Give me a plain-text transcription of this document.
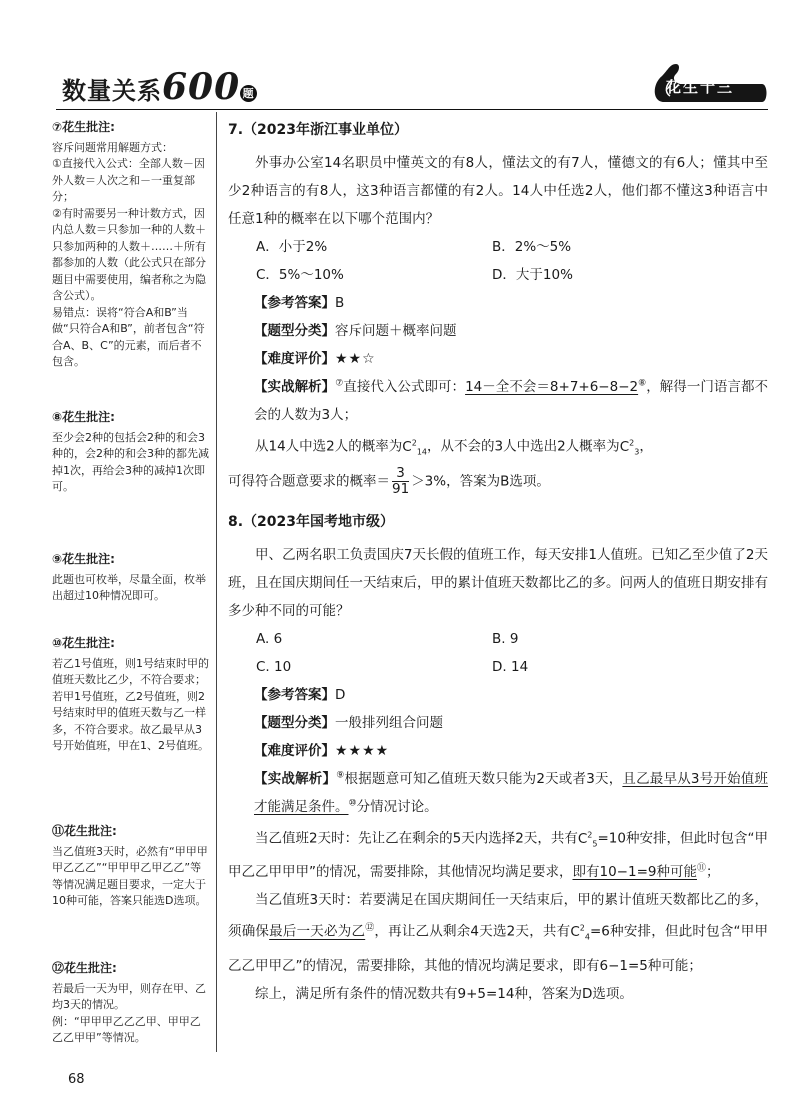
数量关系600 题	花生十三
⑦花生批注:

容斥问题常用解题方式：

①直接代入公式：全部人数－因外人数＝人次之和－一重复部分；

②有时需要另一种计数方式，因内总人数＝只参加一种的人数＋只参加两种的人数＋……＋所有都参加的人数（此公式只在部分题目中需要使用，编者称之为隐含公式）。

易错点：误将“符合A和B”当做“只符合A和B”，前者包含“符合A、B、C”的元素，而后者不包含。

⑧花生批注:

至少会2种的包括会2种的和会3种的，会2种的和会3种的都先减掉1次，再给会3种的减掉1次即可。

⑨花生批注:

此题也可枚举，尽量全面，枚举出超过10种情况即可。

⑩花生批注:

若乙1号值班，则1号结束时甲的值班天数比乙少，不符合要求；若甲1号值班，乙2号值班，则2号结束时甲的值班天数与乙一样多，不符合要求。故乙最早从3号开始值班，甲在1、2号值班。

⑪花生批注:

当乙值班3天时，必然有“甲甲甲甲乙乙乙”“甲甲甲乙甲乙乙”等等情况满足题目要求，一定大于10种可能，答案只能选D选项。

⑫花生批注:

若最后一天为甲，则存在甲、乙均3天的情况。

例：“甲甲甲乙乙乙甲、甲甲乙乙乙甲甲”等情况。

7.（2023年浙江事业单位）

外事办公室14名职员中懂英文的有8人，懂法文的有7人，懂德文的有6人；懂其中至少2种语言的有8人，这3种语言都懂的有2人。14人中任选2人，他们都不懂这3种语言中任意1种的概率在以下哪个范围内？

A．小于2%	B．2%～5%
C．5%～10%	D．大于10%

【参考答案】B

【题型分类】容斥问题＋概率问题

【难度评价】★★☆

【实战解析】⑦直接代入公式即可：14－全不会＝8+7+6−8−2⑧，解得一门语言都不会的人数为3人；

从14人中选2人的概率为$C^2_{14}$，从不会的3人中选出2人概率为$C^2_3$，

可得符合题意要求的概率＝ $\frac{3}{91} >3\%$，答案为B选项。

8.（2023年国考地市级）

甲、乙两名职工负责国庆7天长假的值班工作，每天安排1人值班。已知乙至少值了2天班，且在国庆期间任一天结束后，甲的累计值班天数都比乙的多。问两人的值班日期安排有多少种不同的可能？

A. 6	B. 9
C. 10	D. 14

【参考答案】D

【题型分类】一般排列组合问题

【难度评价】★★★★

【实战解析】⑨根据题意可知乙值班天数只能为2天或者3天，且乙最早从3号开始值班才能满足条件。⑩分情况讨论。

当乙值班2天时：先让乙在剩余的5天内选择2天，共有$C^2_5=10$种安排，但此时包含“甲甲乙乙甲甲甲”的情况，需要排除，其他情况均满足要求，即有10−1=9种可能⑪；

当乙值班3天时：若要满足在国庆期间任一天结束后，甲的累计值班天数都比乙的多，须确保最后一天必为乙⑫，再让乙从剩余4天选2天，共有$C^2_4=6$种安排，但此时包含“甲甲乙乙甲甲乙”的情况，需要排除，其他的情况均满足要求，即有6−1=5种可能；

综上，满足所有条件的情况数共有9+5=14种，答案为D选项。

68
